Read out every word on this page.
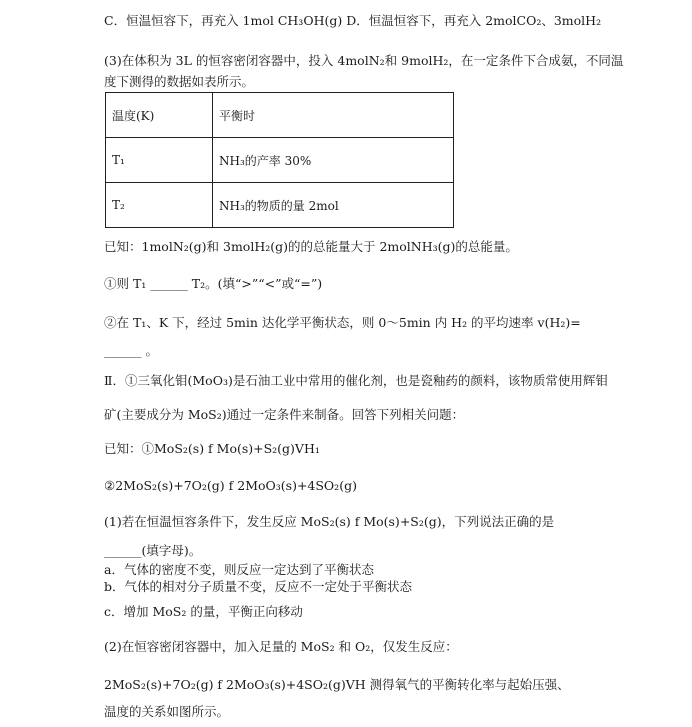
C．恒温恒容下，再充入 1mol CH₃OH(g) D．恒温恒容下，再充入 2molCO₂、3molH₂
(3)在体积为 3L 的恒容密闭容器中，投入 4molN₂和 9molH₂，在一定条件下合成氨，不同温
度下测得的数据如表所示。
温度(K)	平衡时
T₁	NH₃的产率 30%
T₂	NH₃的物质的量 2mol
已知：1molN₂(g)和 3molH₂(g)的的总能量大于 2molNH₃(g)的总能量。
①则 T₁ ______ T₂。(填“>”“<”或“=”)
②在 T₁、K 下，经过 5min 达化学平衡状态，则 0～5min 内 H₂ 的平均速率 v(H₂)=
______ 。
Ⅱ．①三氧化钼(MoO₃)是石油工业中常用的催化剂，也是瓷釉药的颜料，该物质常使用辉钼
矿(主要成分为 MoS₂)通过一定条件来制备。回答下列相关问题：
已知：①MoS₂(s) f Mo(s)+S₂(g)VH₁
②2MoS₂(s)+7O₂(g) f 2MoO₃(s)+4SO₂(g)
(1)若在恒温恒容条件下，发生反应 MoS₂(s) f Mo(s)+S₂(g)，下列说法正确的是
______(填字母)。
a．气体的密度不变，则反应一定达到了平衡状态
b．气体的相对分子质量不变，反应不一定处于平衡状态
c．增加 MoS₂ 的量，平衡正向移动
(2)在恒容密闭容器中，加入足量的 MoS₂ 和 O₂，仅发生反应：
2MoS₂(s)+7O₂(g) f 2MoO₃(s)+4SO₂(g)VH 测得氧气的平衡转化率与起始压强、
温度的关系如图所示。
